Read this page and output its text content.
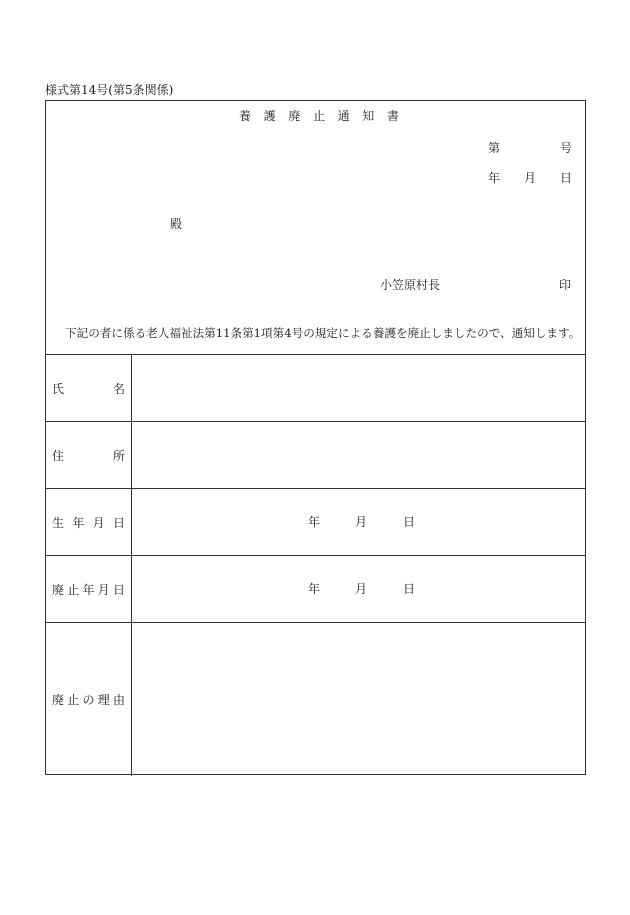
様式第14号(第5条関係)
養 護 廃 止 通 知 書
第	号
年 月 日
殿
小笠原村長	印
下記の者に係る老人福祉法第11条第1項第4号の規定による養護を廃止しましたので、通知します。
氏	名
住	所
生 年 月 日	年	月	日
廃 止 年 月 日	年	月	日
廃 止 の 理 由
